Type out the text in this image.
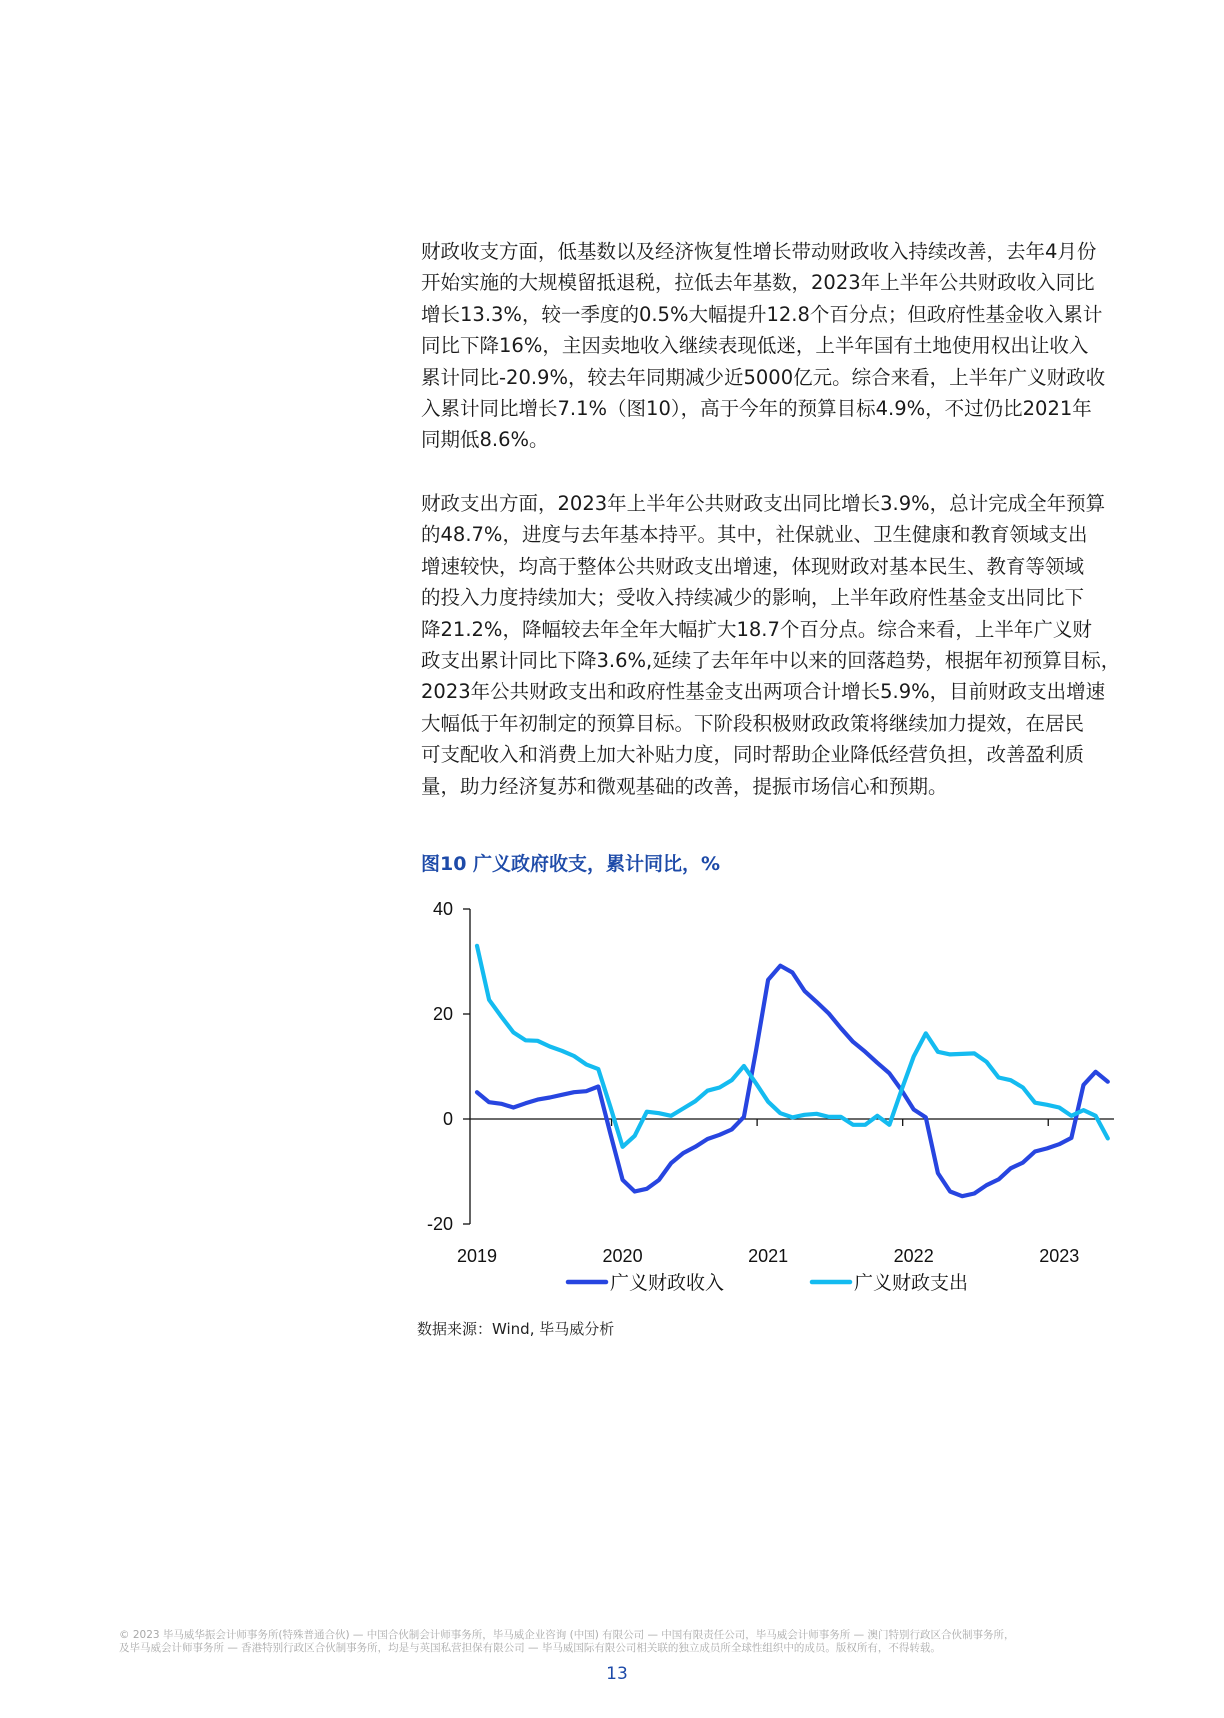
财政收支方面，低基数以及经济恢复性增长带动财政收入持续改善，去年4月份
开始实施的大规模留抵退税，拉低去年基数，2023年上半年公共财政收入同比
增长13.3%，较一季度的0.5%大幅提升12.8个百分点；但政府性基金收入累计
同比下降16%，主因卖地收入继续表现低迷，上半年国有土地使用权出让收入
累计同比-20.9%，较去年同期减少近5000亿元。综合来看，上半年广义财政收
入累计同比增长7.1%（图10），高于今年的预算目标4.9%，不过仍比2021年
同期低8.6%。
财政支出方面，2023年上半年公共财政支出同比增长3.9%，总计完成全年预算
的48.7%，进度与去年基本持平。其中，社保就业、卫生健康和教育领域支出
增速较快，均高于整体公共财政支出增速，体现财政对基本民生、教育等领域
的投入力度持续加大；受收入持续减少的影响，上半年政府性基金支出同比下
降21.2%，降幅较去年全年大幅扩大18.7个百分点。综合来看，上半年广义财
政支出累计同比下降3.6%,延续了去年年中以来的回落趋势，根据年初预算目标，
2023年公共财政支出和政府性基金支出两项合计增长5.9%，目前财政支出增速
大幅低于年初制定的预算目标。下阶段积极财政政策将继续加力提效，在居民
可支配收入和消费上加大补贴力度，同时帮助企业降低经营负担，改善盈利质
量，助力经济复苏和微观基础的改善，提振市场信心和预期。
图10 广义政府收支，累计同比，%
40
20
0
-20
2019	2020	2021	2022	2023
广义财政收入	广义财政支出
数据来源：Wind, 毕马威分析
© 2023 毕马威华振会计师事务所(特殊普通合伙) — 中国合伙制会计师事务所，毕马威企业咨询 (中国) 有限公司 — 中国有限责任公司，毕马威会计师事务所 — 澳门特别行政区合伙制事务所，
及毕马威会计师事务所 — 香港特别行政区合伙制事务所，均是与英国私营担保有限公司 — 毕马威国际有限公司相关联的独立成员所全球性组织中的成员。版权所有，不得转载。
13
